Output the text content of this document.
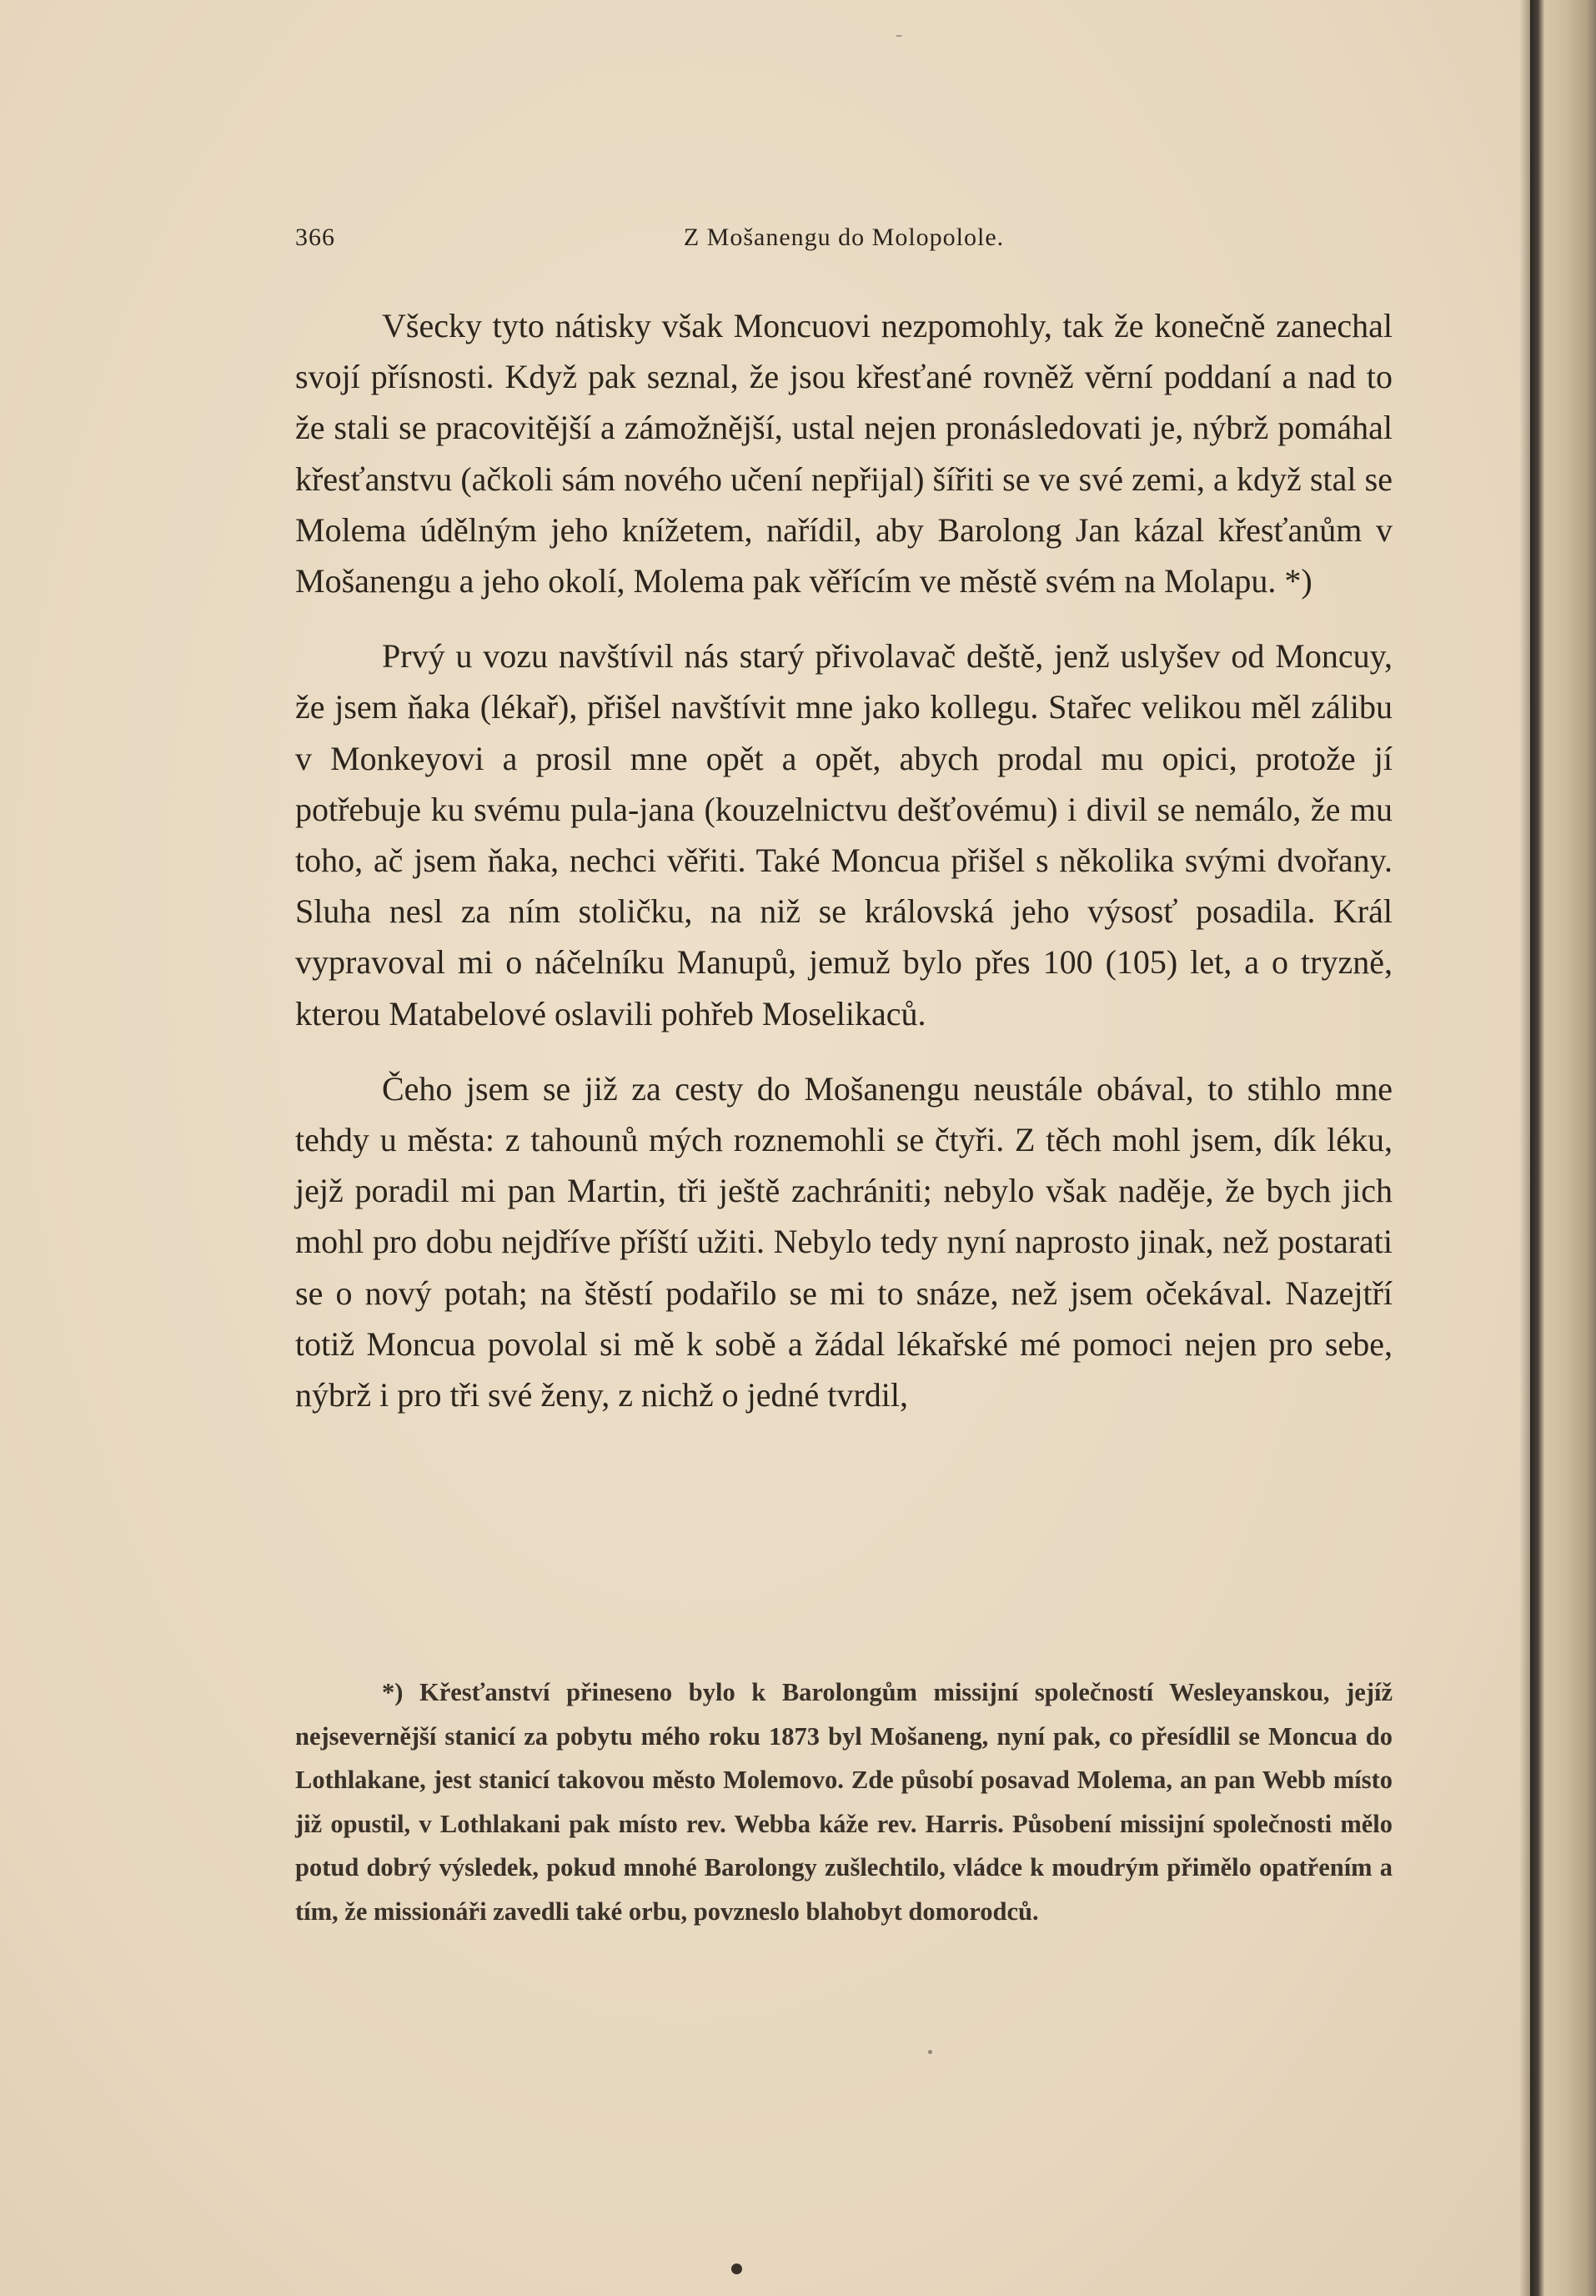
366	Z Mošanengu do Molopolole.

Všecky tyto nátisky však Moncuovi nezpomohly, tak že konečně zanechal svojí přísnosti. Když pak seznal, že jsou křesťané rovněž věrní poddaní a nad to že stali se pracovitější a zámožnější, ustal nejen pronásledovati je, nýbrž pomáhal křesťanstvu (ačkoli sám nového učení nepřijal) šířiti se ve své zemi, a když stal se Molema údělným jeho knížetem, nařídil, aby Barolong Jan kázal křesťanům v Mošanengu a jeho okolí, Molema pak věřícím ve městě svém na Molapu. *)

Prvý u vozu navštívil nás starý přivolavač deště, jenž uslyšev od Moncuy, že jsem ňaka (lékař), přišel navštívit mne jako kollegu. Stařec velikou měl zálibu v Monkeyovi a prosil mne opět a opět, abych prodal mu opici, protože jí potřebuje ku svému pula-jana (kouzelnictvu dešťovému) i divil se nemálo, že mu toho, ač jsem ňaka, nechci věřiti. Také Moncua přišel s několika svými dvořany. Sluha nesl za ním stoličku, na niž se královská jeho výsosť posadila. Král vypravoval mi o náčelníku Manupů, jemuž bylo přes 100 (105) let, a o tryzně, kterou Matabelové oslavili pohřeb Moselikaců.

Čeho jsem se již za cesty do Mošanengu neustále obával, to stihlo mne tehdy u města: z tahounů mých roznemohli se čtyři. Z těch mohl jsem, dík léku, jejž poradil mi pan Martin, tři ještě zachrániti; nebylo však naděje, že bych jich mohl pro dobu nejdříve příští užiti. Nebylo tedy nyní naprosto jinak, než postarati se o nový potah; na štěstí podařilo se mi to snáze, než jsem očekával. Nazejtří totiž Moncua povolal si mě k sobě a žádal lékařské mé pomoci nejen pro sebe, nýbrž i pro tři své ženy, z nichž o jedné tvrdil,

*) Křesťanství přineseno bylo k Barolongům missijní společností Wesleyanskou, jejíž nejsevernější stanicí za pobytu mého roku 1873 byl Mošaneng, nyní pak, co přesídlil se Moncua do Lothlakane, jest stanicí takovou město Molemovo. Zde působí posavad Molema, an pan Webb místo již opustil, v Lothlakani pak místo rev. Webba káže rev. Harris. Působení missijní společnosti mělo potud dobrý výsledek, pokud mnohé Barolongy zušlechtilo, vládce k moudrým přimělo opatřením a tím, že missionáři zavedli také orbu, povzneslo blahobyt domorodců.
